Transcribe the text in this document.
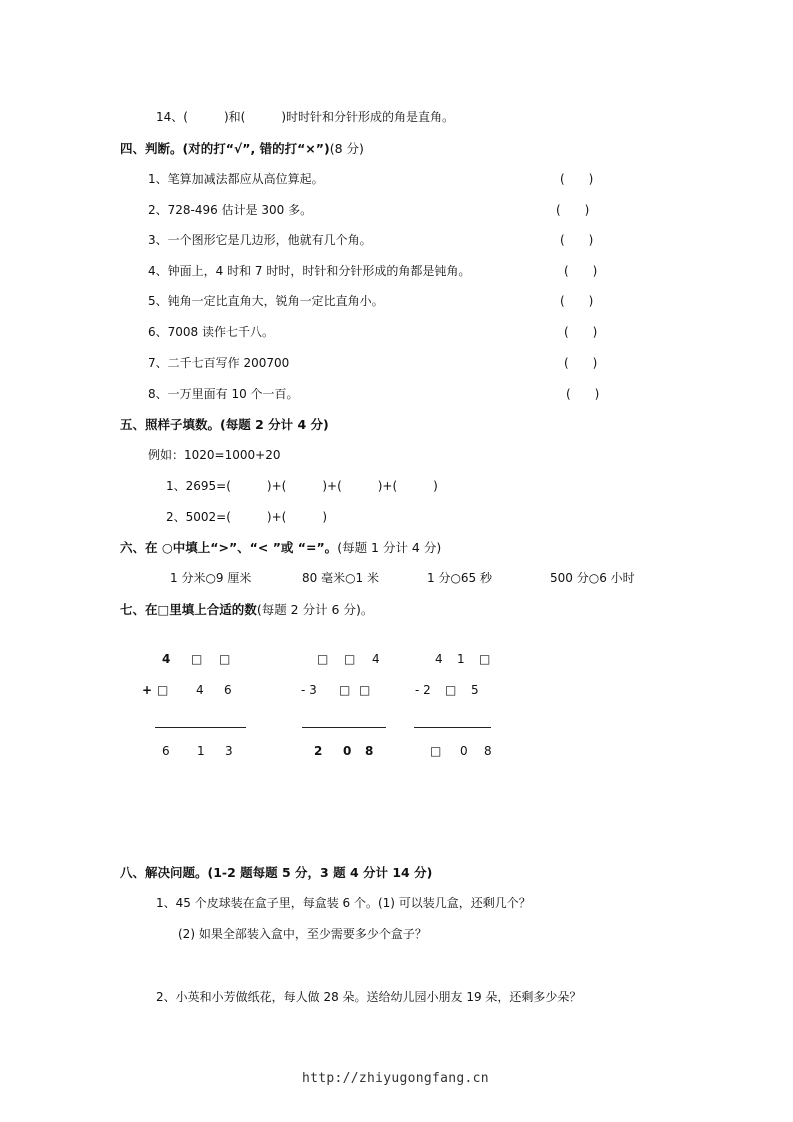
14、(　　　)和(　　　)时时针和分针形成的角是直角。
四、判断。(对的打“√”, 错的打“×”)(8 分)
1、笔算加减法都应从高位算起。	(　　)
2、728-496 估计是 300 多。	(　　)
3、一个图形它是几边形，他就有几个角。	(　　)
4、钟面上，4 时和 7 时时，时针和分针形成的角都是钝角。	(　　)
5、钝角一定比直角大，锐角一定比直角小。	(　　)
6、7008 读作七千八。	(　　)
7、二千七百写作 200700	(　　)
8、一万里面有 10 个一百。	(　　)
五、照样子填数。(每题 2 分计 4 分)
例如：1020=1000+20
1、2695=(　　　)+(　　　)+(　　　)+(　　　)
2、5002=(　　　)+(　　　)
六、在 ○中填上“>”、“< ”或 “=”。(每题 1 分计 4 分)
1 分米○9 厘米	80 毫米○1 米	1 分○65 秒	500 分○6 小时
七、在□里填上合适的数(每题 2 分计 6 分)。
4 □ □
+ □ 4 6
6 1 3
□ □ 4
- 3 □ □
2 0 8
4 1 □
- 2 □ 5
□ 0 8
八、解决问题。(1-2 题每题 5 分，3 题 4 分计 14 分)
1、45 个皮球装在盒子里，每盒装 6 个。(1) 可以装几盒，还剩几个？
(2) 如果全部装入盒中，至少需要多少个盒子？
2、小英和小芳做纸花，每人做 28 朵。送给幼儿园小朋友 19 朵，还剩多少朵？
http://zhiyugongfang.cn
